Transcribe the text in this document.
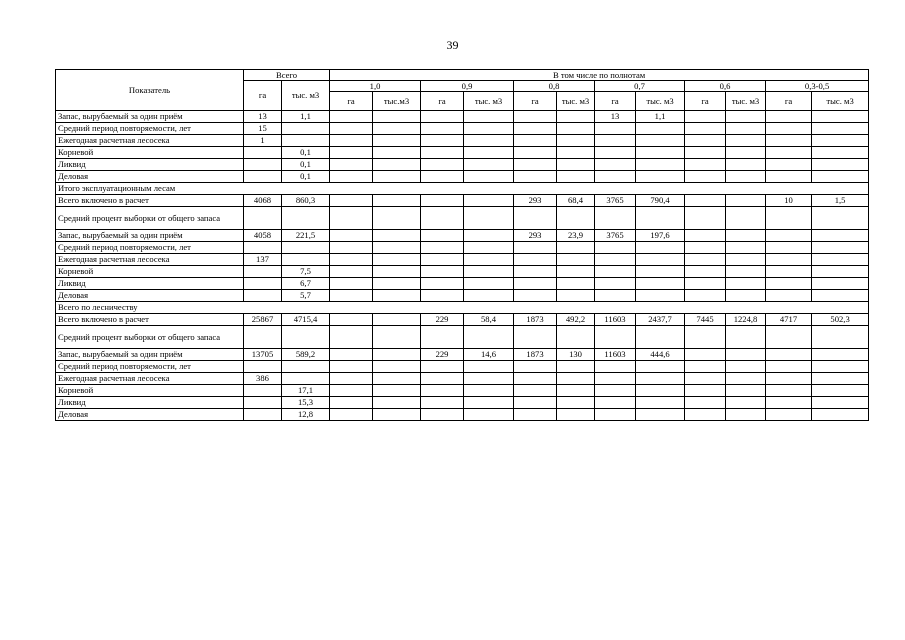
39
Показатель	Всего		В том числе по полнотам											
	га	тыс. м3	1,0		0,9		0,8		0,7		0,6		0,3-0,5	
			га	тыс.м3	га	тыс. м3	га	тыс. м3	га	тыс. м3	га	тыс. м3	га	тыс. м3
Запас, вырубаемый за один приём	13	1,1							13	1,1				
Средний период повторяемости, лет	15													
Ежегодная расчетная лесосека	1													
Корневой		0,1												
Ликвид		0,1												
Деловая		0,1												
Итого эксплуатационным лесам														
Всего включено в расчет	4068	860,3					293	68,4	3765	790,4			10	1,5
Средний процент выборки от общего запаса														
Запас, вырубаемый за один приём	4058	221,5					293	23,9	3765	197,6				
Средний период повторяемости, лет														
Ежегодная расчетная лесосека	137													
Корневой		7,5												
Ликвид		6,7												
Деловая		5,7												
Всего по лесничеству														
Всего включено в расчет	25867	4715,4			229	58,4	1873	492,2	11603	2437,7	7445	1224,8	4717	502,3
Средний процент выборки от общего запаса														
Запас, вырубаемый за один приём	13705	589,2			229	14,6	1873	130	11603	444,6				
Средний период повторяемости, лет														
Ежегодная расчетная лесосека	386													
Корневой		17,1												
Ликвид		15,3												
Деловая		12,8												
